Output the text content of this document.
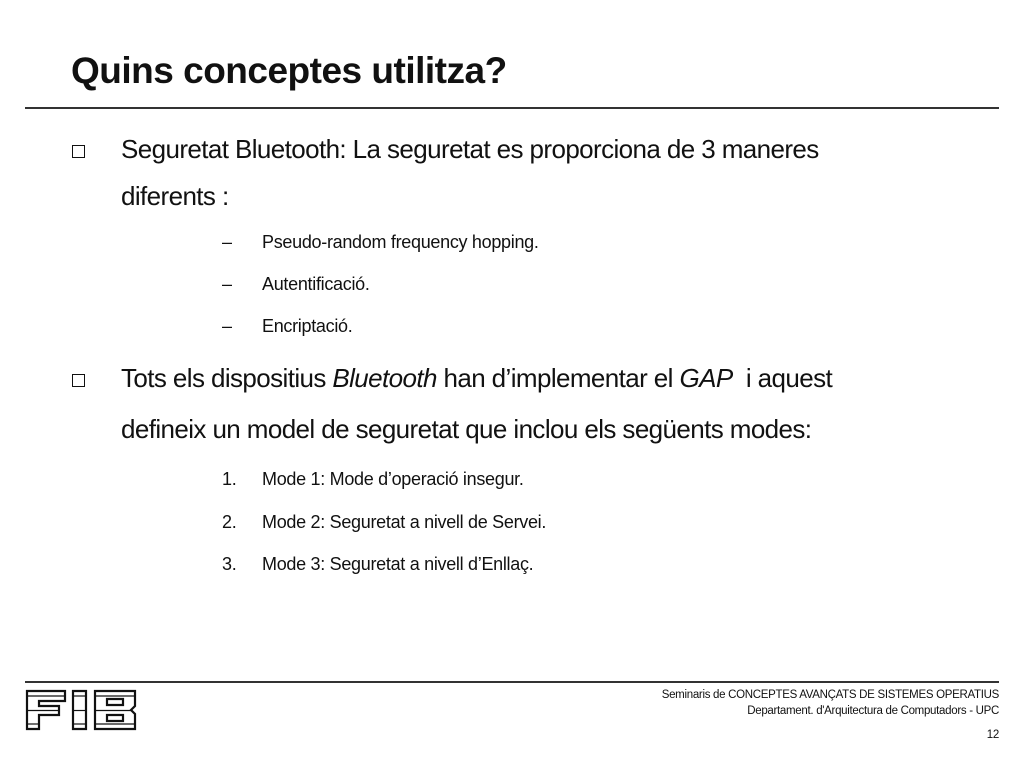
Quins conceptes utilitza?
Seguretat Bluetooth: La seguretat es proporciona de 3 maneres
diferents :
– Pseudo-random frequency hopping.
– Autentificació.
– Encriptació.
Tots els dispositius Bluetooth han d’implementar el GAP  i aquest
defineix un model de seguretat que inclou els següents modes:
1. Mode 1: Mode d’operació insegur.
2. Mode 2: Seguretat a nivell de Servei.
3. Mode 3: Seguretat a nivell d’Enllaç.
Seminaris de CONCEPTES AVANÇATS DE SISTEMES OPERATIUS
Departament. d'Arquitectura de Computadors - UPC
12
